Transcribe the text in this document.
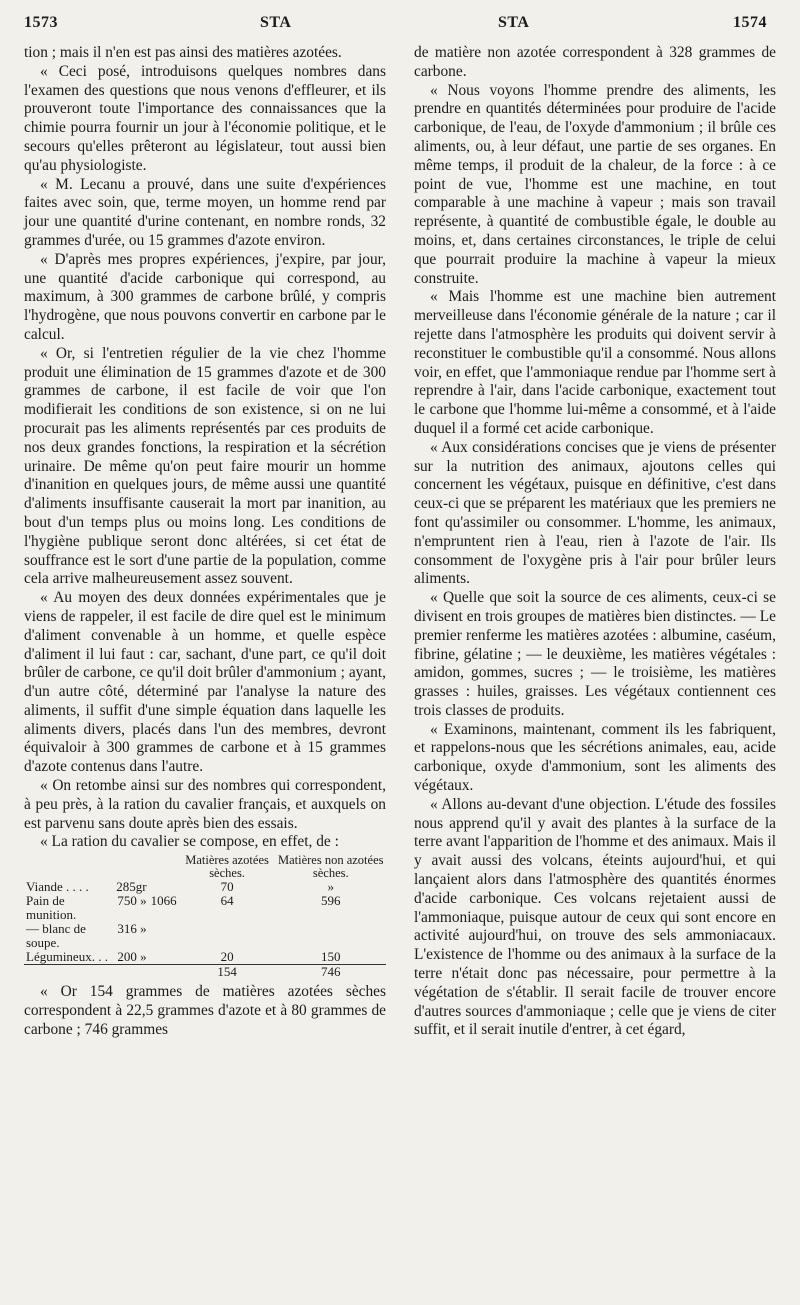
1573	STA	STA	1574

tion ; mais il n'en est pas ainsi des matières azotées.

« Ceci posé, introduisons quelques nombres dans l'examen des questions que nous venons d'effleurer, et ils prouveront toute l'importance des connaissances que la chimie pourra fournir un jour à l'économie politique, et le secours qu'elles prêteront au législateur, tout aussi bien qu'au physiologiste.

« M. Lecanu a prouvé, dans une suite d'expériences faites avec soin, que, terme moyen, un homme rend par jour une quantité d'urine contenant, en nombre ronds, 32 grammes d'urée, ou 15 grammes d'azote environ.

« D'après mes propres expériences, j'expire, par jour, une quantité d'acide carbonique qui correspond, au maximum, à 300 grammes de carbone brûlé, y compris l'hydrogène, que nous pouvons convertir en carbone par le calcul.

« Or, si l'entretien régulier de la vie chez l'homme produit une élimination de 15 grammes d'azote et de 300 grammes de carbone, il est facile de voir que l'on modifierait les conditions de son existence, si on ne lui procurait pas les aliments représentés par ces produits de nos deux grandes fonctions, la respiration et la sécrétion urinaire. De même qu'on peut faire mourir un homme d'inanition en quelques jours, de même aussi une quantité d'aliments insuffisante causerait la mort par inanition, au bout d'un temps plus ou moins long. Les conditions de l'hygiène publique seront donc altérées, si cet état de souffrance est le sort d'une partie de la population, comme cela arrive malheureusement assez souvent.

« Au moyen des deux données expérimentales que je viens de rappeler, il est facile de dire quel est le minimum d'aliment convenable à un homme, et quelle espèce d'aliment il lui faut : car, sachant, d'une part, ce qu'il doit brûler de carbone, ce qu'il doit brûler d'ammonium ; ayant, d'un autre côté, déterminé par l'analyse la nature des aliments, il suffit d'une simple équation dans laquelle les aliments divers, placés dans l'un des membres, devront équivaloir à 300 grammes de carbone et à 15 grammes d'azote contenus dans l'autre.

« On retombe ainsi sur des nombres qui correspondent, à peu près, à la ration du cavalier français, et auxquels on est parvenu sans doute après bien des essais.

« La ration du cavalier se compose, en effet, de :

			Matières azotées sèches.	Matières non azotées sèches.
Viande . . . .	285gr		70	»
Pain de munition.	750 »	1066	64	596
— blanc de soupe.	316 »			
Légumineux. . .	200 »		20	150
			154	746

« Or 154 grammes de matières azotées sèches correspondent à 22,5 grammes d'azote et à 80 grammes de carbone ; 746 grammes

de matière non azotée correspondent à 328 grammes de carbone.

« Nous voyons l'homme prendre des aliments, les prendre en quantités déterminées pour produire de l'acide carbonique, de l'eau, de l'oxyde d'ammonium ; il brûle ces aliments, ou, à leur défaut, une partie de ses organes. En même temps, il produit de la chaleur, de la force : à ce point de vue, l'homme est une machine, en tout comparable à une machine à vapeur ; mais son travail représente, à quantité de combustible égale, le double au moins, et, dans certaines circonstances, le triple de celui que pourrait produire la machine à vapeur la mieux construite.

« Mais l'homme est une machine bien autrement merveilleuse dans l'économie générale de la nature ; car il rejette dans l'atmosphère les produits qui doivent servir à reconstituer le combustible qu'il a consommé. Nous allons voir, en effet, que l'ammoniaque rendue par l'homme sert à reprendre à l'air, dans l'acide carbonique, exactement tout le carbone que l'homme lui-même a consommé, et à l'aide duquel il a formé cet acide carbonique.

« Aux considérations concises que je viens de présenter sur la nutrition des animaux, ajoutons celles qui concernent les végétaux, puisque en définitive, c'est dans ceux-ci que se préparent les matériaux que les premiers ne font qu'assimiler ou consommer. L'homme, les animaux, n'empruntent rien à l'eau, rien à l'azote de l'air. Ils consomment de l'oxygène pris à l'air pour brûler leurs aliments.

« Quelle que soit la source de ces aliments, ceux-ci se divisent en trois groupes de matières bien distinctes. — Le premier renferme les matières azotées : albumine, caséum, fibrine, gélatine ; — le deuxième, les matières végétales : amidon, gommes, sucres ; — le troisième, les matières grasses : huiles, graisses. Les végétaux contiennent ces trois classes de produits.

« Examinons, maintenant, comment ils les fabriquent, et rappelons-nous que les sécrétions animales, eau, acide carbonique, oxyde d'ammonium, sont les aliments des végétaux.

« Allons au-devant d'une objection. L'étude des fossiles nous apprend qu'il y avait des plantes à la surface de la terre avant l'apparition de l'homme et des animaux. Mais il y avait aussi des volcans, éteints aujourd'hui, et qui lançaient alors dans l'atmosphère des quantités énormes d'acide carbonique. Ces volcans rejetaient aussi de l'ammoniaque, puisque autour de ceux qui sont encore en activité aujourd'hui, on trouve des sels ammoniacaux. L'existence de l'homme ou des animaux à la surface de la terre n'était donc pas nécessaire, pour permettre à la végétation de s'établir. Il serait facile de trouver encore d'autres sources d'ammoniaque ; celle que je viens de citer suffit, et il serait inutile d'entrer, à cet égard,
